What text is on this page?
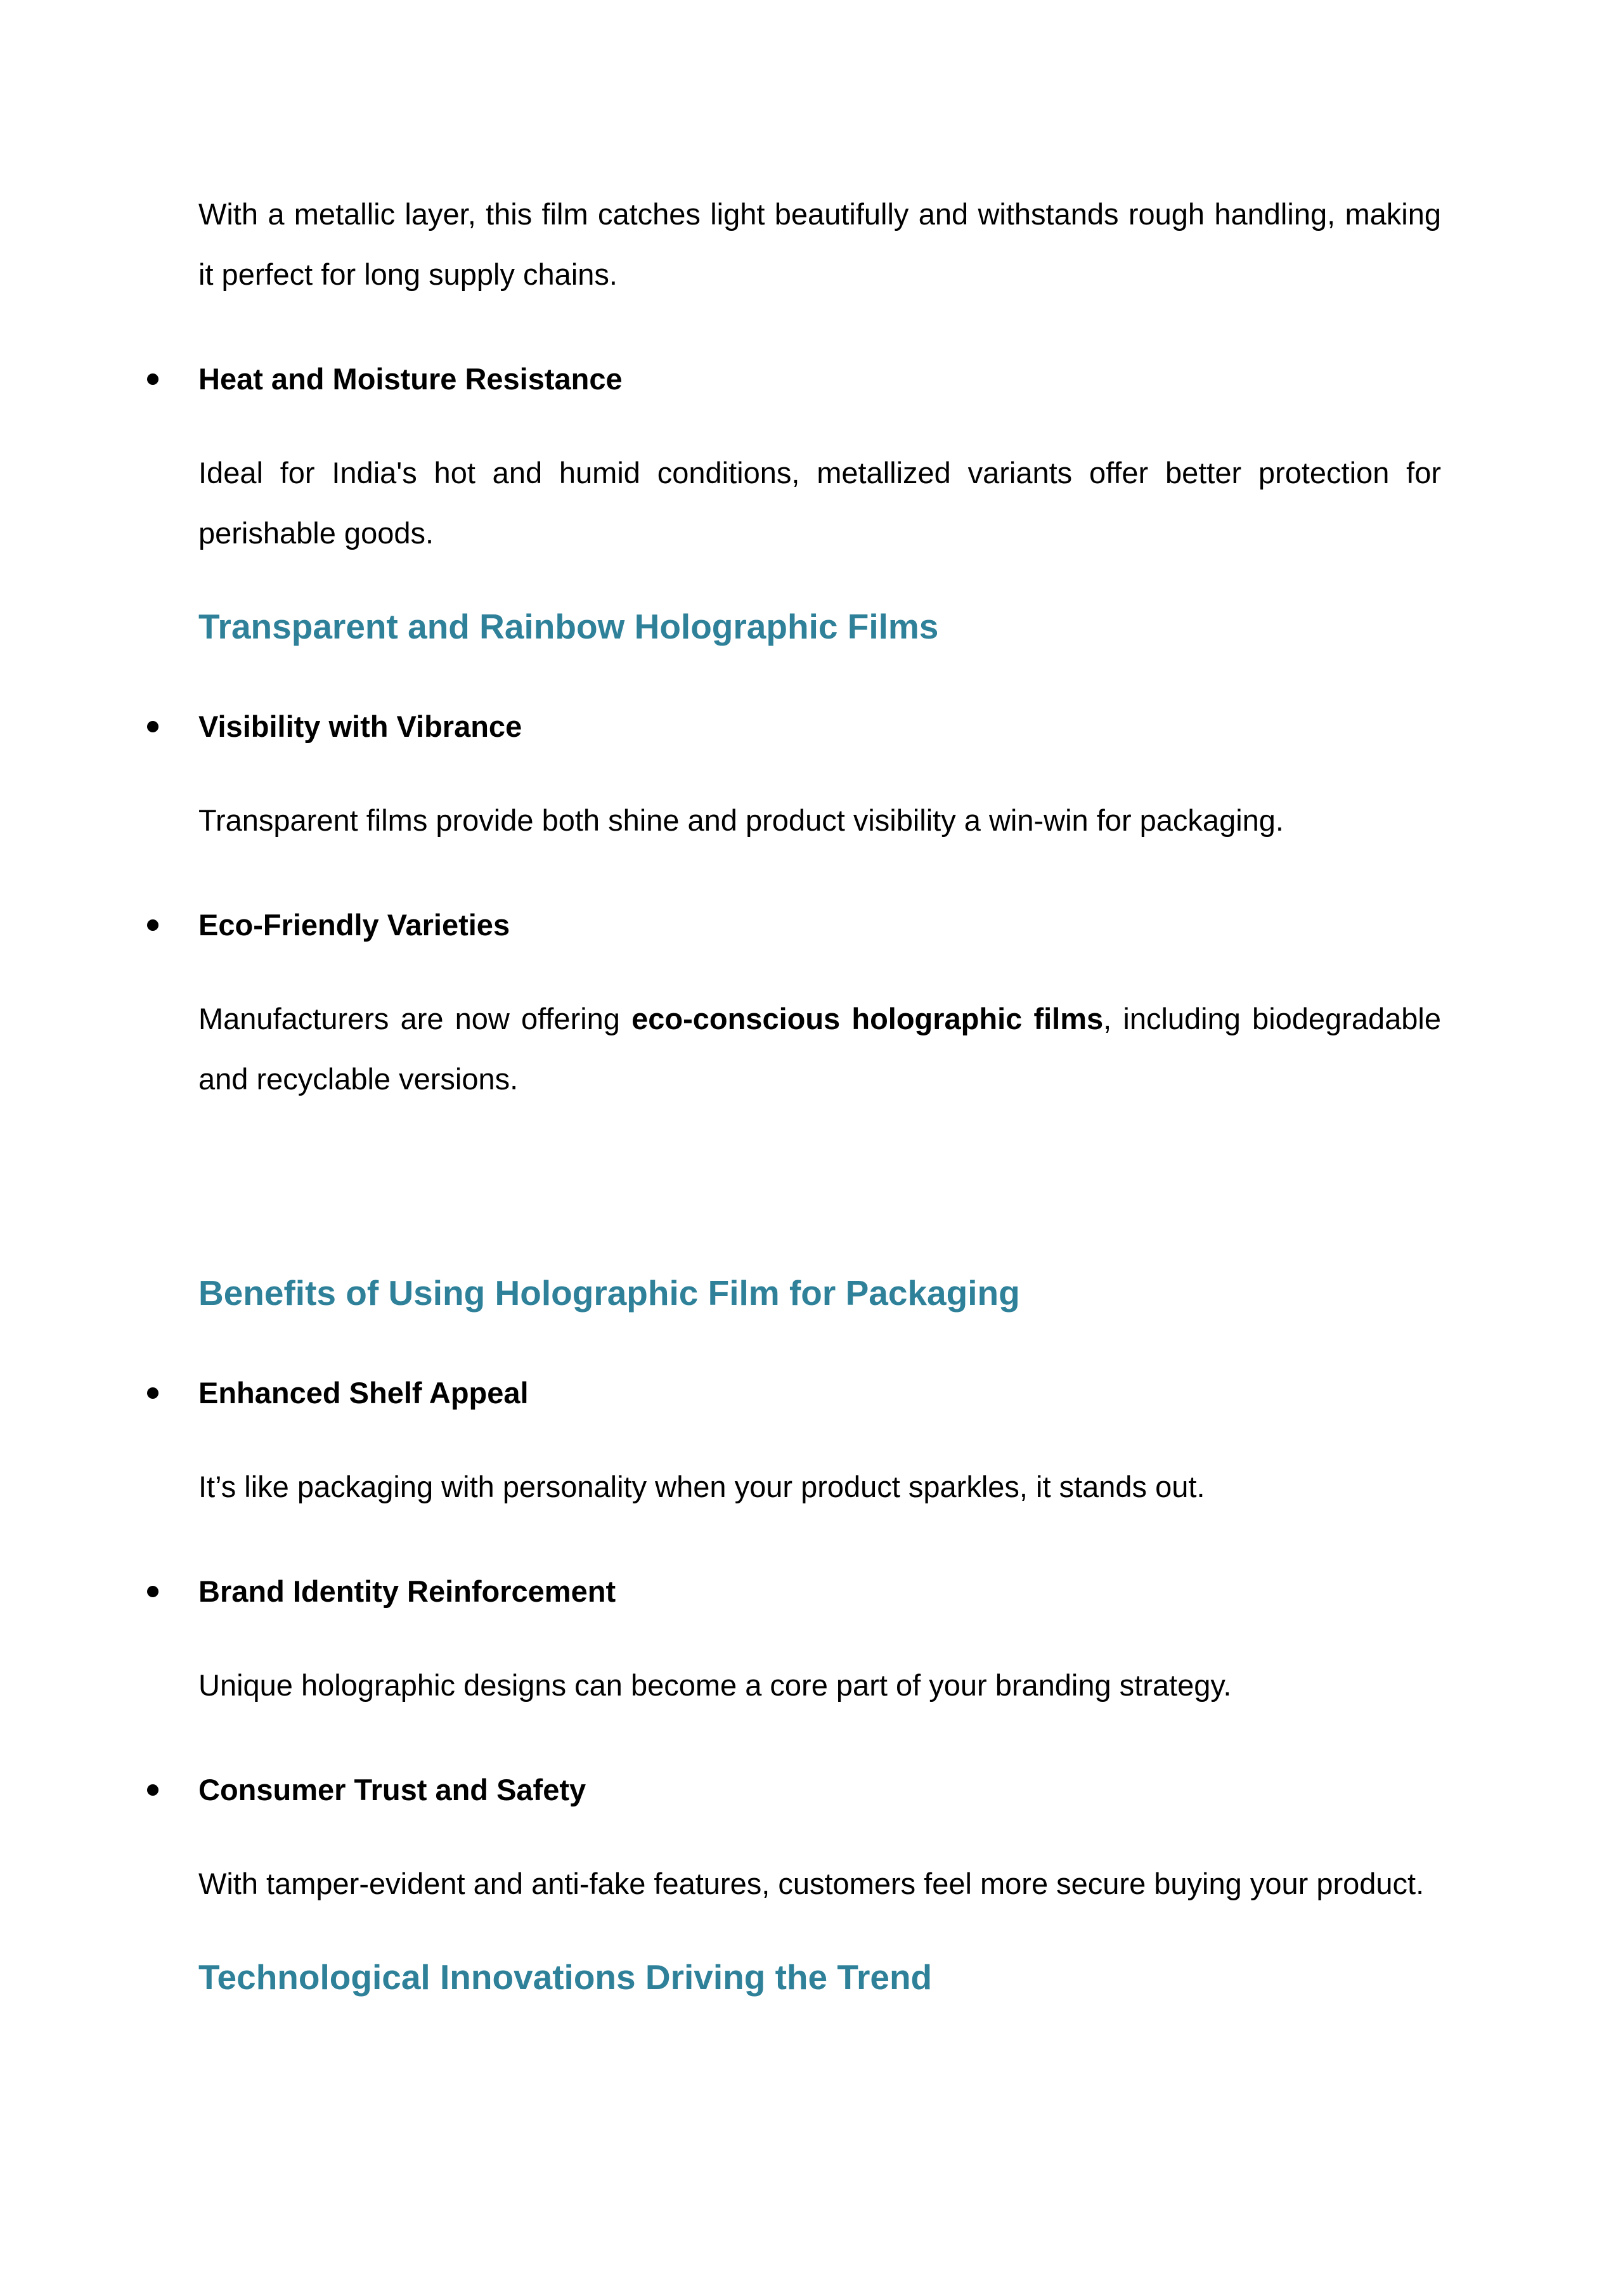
With a metallic layer, this film catches light beautifully and withstands rough handling, making it perfect for long supply chains.

Heat and Moisture Resistance

Ideal for India's hot and humid conditions, metallized variants offer better protection for perishable goods.

Transparent and Rainbow Holographic Films
Visibility with Vibrance

Transparent films provide both shine and product visibility a win-win for packaging.

Eco-Friendly Varieties

Manufacturers are now offering eco-conscious holographic films, including biodegradable and recyclable versions.

Benefits of Using Holographic Film for Packaging
Enhanced Shelf Appeal

It’s like packaging with personality when your product sparkles, it stands out.

Brand Identity Reinforcement

Unique holographic designs can become a core part of your branding strategy.

Consumer Trust and Safety

With tamper-evident and anti-fake features, customers feel more secure buying your product.

Technological Innovations Driving the Trend
